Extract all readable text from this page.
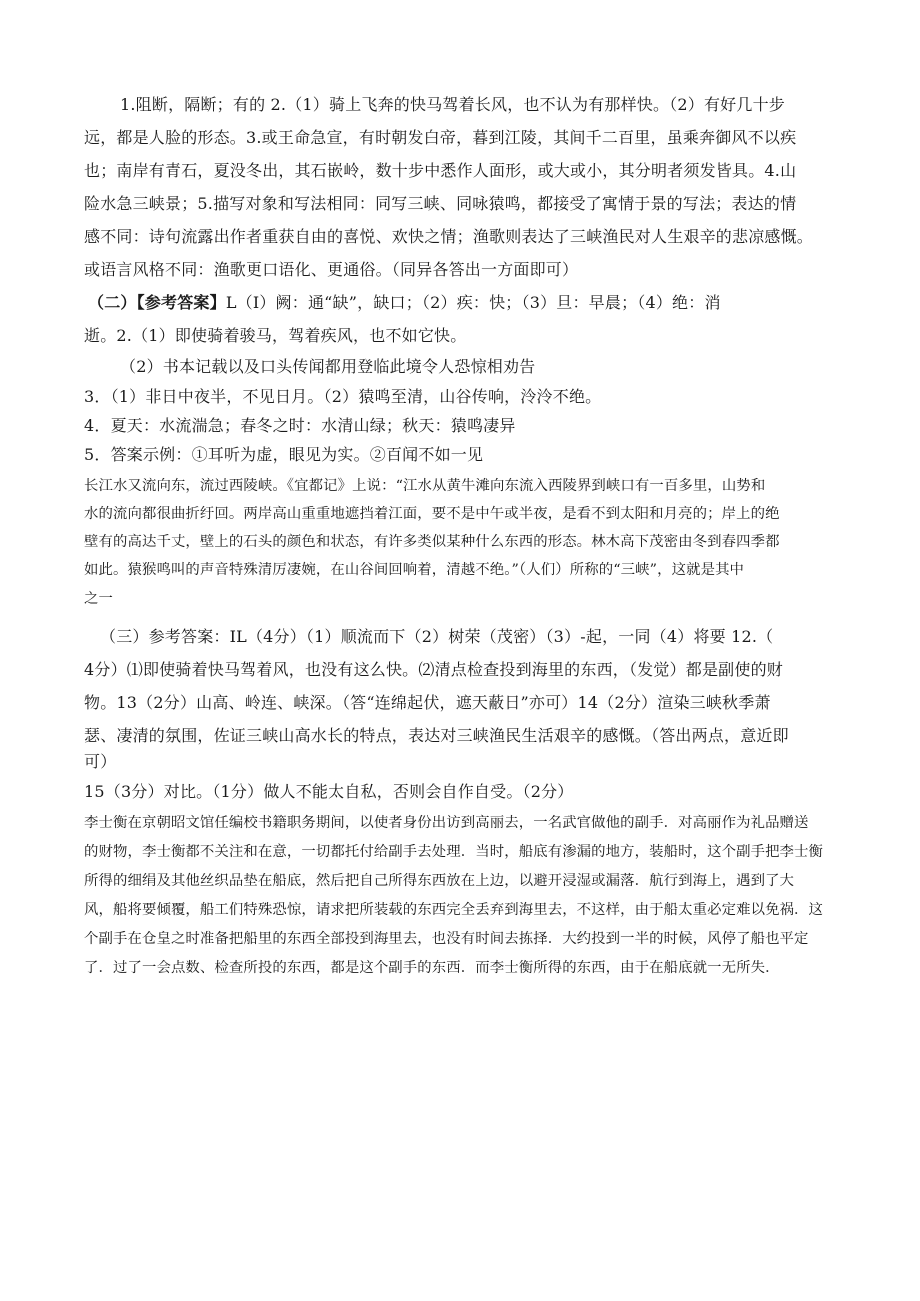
1.阻断，隔断；有的 2.（1）骑上飞奔的快马驾着长风，也不认为有那样快。（2）有好几十步
远，都是人脸的形态。3.或王命急宣，有时朝发白帝，暮到江陵，其间千二百里，虽乘奔御风不以疾
也；南岸有青石，夏没冬出，其石嵌岭，数十步中悉作人面形，或大或小，其分明者须发皆具。4.山
险水急三峡景；5.描写对象和写法相同：同写三峡、同咏猿鸣，都接受了寓情于景的写法；表达的情
感不同：诗句流露出作者重获自由的喜悦、欢快之情；渔歌则表达了三峡渔民对人生艰辛的悲凉感慨。
或语言风格不同：渔歌更口语化、更通俗。（同异各答出一方面即可）
（二）【参考答案】L（I）阙：通“缺”，缺口；（2）疾：快；（3）旦：早晨；（4）绝：消
逝。2.（1）即使骑着骏马，驾着疾风，也不如它快。
（2）书本记载以及口头传闻都用登临此境令人恐惊相劝告
3．（1）非日中夜半，不见日月。（2）猿鸣至清，山谷传响，泠泠不绝。
4．夏天：水流湍急；春冬之时：水清山绿；秋天：猿鸣凄异
5．答案示例：①耳听为虚，眼见为实。②百闻不如一见
长江水又流向东，流过西陵峡。《宜都记》上说：“江水从黄牛滩向东流入西陵界到峡口有一百多里，山势和
水的流向都很曲折纡回。两岸高山重重地遮挡着江面，要不是中午或半夜，是看不到太阳和月亮的；岸上的绝
壁有的高达千丈，壁上的石头的颜色和状态，有许多类似某种什么东西的形态。林木高下茂密由冬到春四季都
如此。猿猴鸣叫的声音特殊清厉凄婉，在山谷间回响着，清越不绝。”（人们）所称的“三峡”，这就是其中
之一
（三）参考答案：IL（4分）（1）顺流而下（2）树荣（茂密）（3）-起，一同（4）将要 12.（
4分）⑴即使骑着快马驾着风，也没有这么快。⑵清点检查投到海里的东西，（发觉）都是副使的财
物。13（2分）山高、岭连、峡深。（答“连绵起伏，遮天蔽日”亦可）14（2分）渲染三峡秋季萧
瑟、凄清的氛围，佐证三峡山高水长的特点，表达对三峡渔民生活艰辛的感慨。（答出两点，意近即
可）
15（3分）对比。（1分）做人不能太自私，否则会自作自受。（2分）
李士衡在京朝昭文馆任编校书籍职务期间，以使者身份出访到高丽去，一名武官做他的副手．对高丽作为礼品赠送
的财物，李士衡都不关注和在意，一切都托付给副手去处理．当时，船底有渗漏的地方，装船时，这个副手把李士衡
所得的细绢及其他丝织品垫在船底，然后把自己所得东西放在上边，以避开浸湿或漏落．航行到海上，遇到了大
风，船将要倾覆，船工们特殊恐惊，请求把所装载的东西完全丢弃到海里去，不这样，由于船太重必定难以免祸．这
个副手在仓皇之时准备把船里的东西全部投到海里去，也没有时间去拣择．大约投到一半的时候，风停了船也平定
了．过了一会点数、检查所投的东西，都是这个副手的东西．而李士衡所得的东西，由于在船底就一无所失．
